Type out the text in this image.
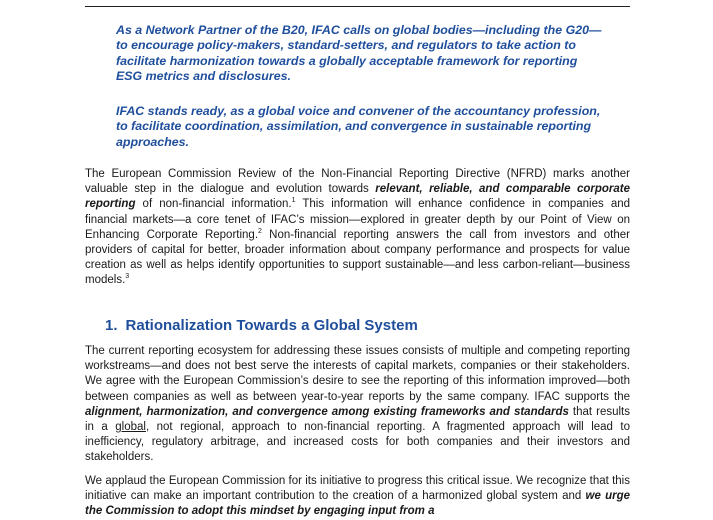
As a Network Partner of the B20, IFAC calls on global bodies—including the G20—to encourage policy-makers, standard-setters, and regulators to take action to facilitate harmonization towards a globally acceptable framework for reporting ESG metrics and disclosures.

IFAC stands ready, as a global voice and convener of the accountancy profession, to facilitate coordination, assimilation, and convergence in sustainable reporting approaches.

The European Commission Review of the Non-Financial Reporting Directive (NFRD) marks another valuable step in the dialogue and evolution towards relevant, reliable, and comparable corporate reporting of non-financial information.$^1$ This information will enhance confidence in companies and financial markets—a core tenet of IFAC’s mission—explored in greater depth by our Point of View on Enhancing Corporate Reporting.$^2$ Non-financial reporting answers the call from investors and other providers of capital for better, broader information about company performance and prospects for value creation as well as helps identify opportunities to support sustainable—and less carbon-reliant—business models.$^3$

1. Rationalization Towards a Global System

The current reporting ecosystem for addressing these issues consists of multiple and competing reporting workstreams—and does not best serve the interests of capital markets, companies or their stakeholders. We agree with the European Commission’s desire to see the reporting of this information improved—both between companies as well as between year-to-year reports by the same company. IFAC supports the alignment, harmonization, and convergence among existing frameworks and standards that results in a global, not regional, approach to non-financial reporting. A fragmented approach will lead to inefficiency, regulatory arbitrage, and increased costs for both companies and their investors and stakeholders.

We applaud the European Commission for its initiative to progress this critical issue. We recognize that this initiative can make an important contribution to the creation of a harmonized global system and we urge the Commission to adopt this mindset by engaging input from a
